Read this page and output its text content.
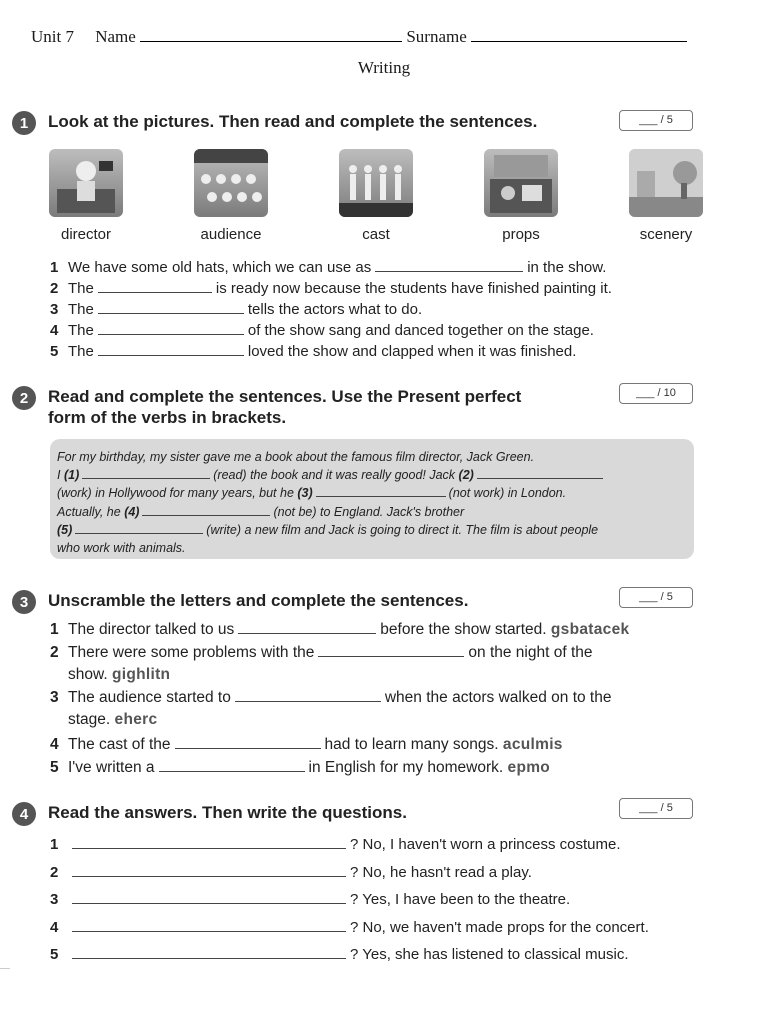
Unit 7 Name	Surname
Writing
1	Look at the pictures. Then read and complete the sentences.	___ / 5
director	audience	cast	props	scenery
1 We have some old hats, which we can use as	in the show.
2 The	is ready now because the students have finished painting it.
3 The	tells the actors what to do.
4 The	of the show sang and danced together on the stage.
5 The	loved the show and clapped when it was finished.
2	Read and complete the sentences. Use the Present perfect
form of the verbs in brackets.
___ / 10
For my birthday, my sister gave me a book about the famous film director, Jack Green.
I (1)	(read) the book and it was really good! Jack (2)
(work) in Hollywood for many years, but he (3)	(not work) in London.
Actually, he (4)	(not be) to England. Jack's brother
(5)	(write) a new film and Jack is going to direct it. The film is about people
who work with animals.
3	Unscramble the letters and complete the sentences.	___ / 5
1 The director talked to us	before the show started. gsbatacek
2 There were some problems with the	on the night of the
show. gighlitn
3 The audience started to	when the actors walked on to the
stage. eherc
4 The cast of the	had to learn many songs. aculmis
5 I've written a	in English for my homework. epmo
4	Read the answers. Then write the questions.	___ / 5
1	? No, I haven't worn a princess costume.
2	? No, he hasn't read a play.
3	? Yes, I have been to the theatre.
4	? No, we haven't made props for the concert.
5	? Yes, she has listened to classical music.
